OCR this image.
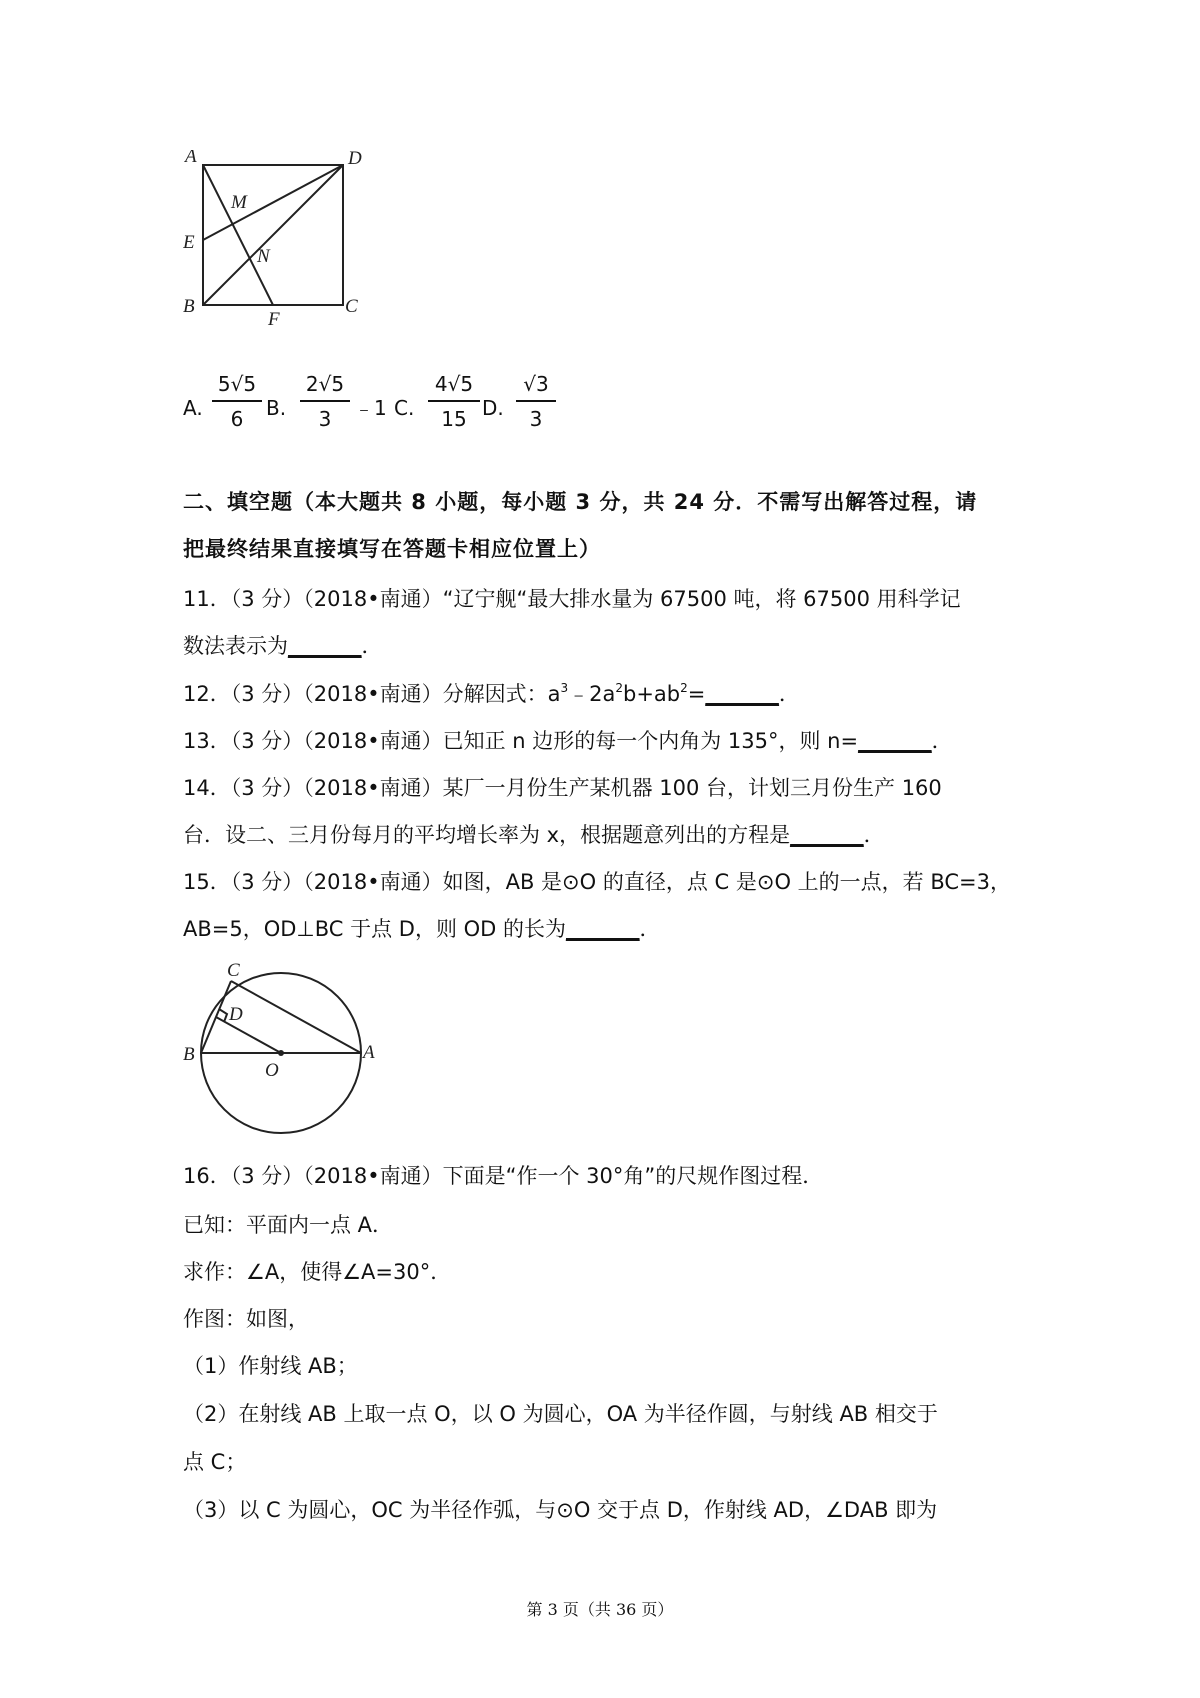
A	D
M
E
N
B	C
F
A.
5√5
6	B.
2√5
3	﹣1 C.
4√5
15 D.
√3
3
二、填空题（本大题共 8 小题，每小题 3 分，共 24 分．不需写出解答过程，请
把最终结果直接填写在答题卡相应位置上）
11．（3 分）（2018•南通）“辽宁舰“最大排水量为 67500 吨，将 67500 用科学记
数法表示为_______．
12．（3 分）（2018•南通）分解因式：$a^3﹣2a^2b+ab^2=\_\_\_\_\_\_\_$．
13．（3 分）（2018•南通）已知正 n 边形的每一个内角为 135°，则 n=_______．
14．（3 分）（2018•南通）某厂一月份生产某机器 100 台，计划三月份生产 160
台．设二、三月份每月的平均增长率为 x，根据题意列出的方程是_______．
15．（3 分）（2018•南通）如图，AB 是⊙O 的直径，点 C 是⊙O 上的一点，若 BC=3，
AB=5，OD⊥BC 于点 D，则 OD 的长为_______．
C
D
B
O
A
16．（3 分）（2018•南通）下面是“作一个 30°角”的尺规作图过程．
已知：平面内一点 A．
求作：∠A，使得∠A=30°．
作图：如图，
（1）作射线 AB；
（2）在射线 AB 上取一点 O，以 O 为圆心，OA 为半径作圆，与射线 AB 相交于
点 C；
（3）以 C 为圆心，OC 为半径作弧，与⊙O 交于点 D，作射线 AD，∠DAB 即为
第 3 页（共 36 页）
